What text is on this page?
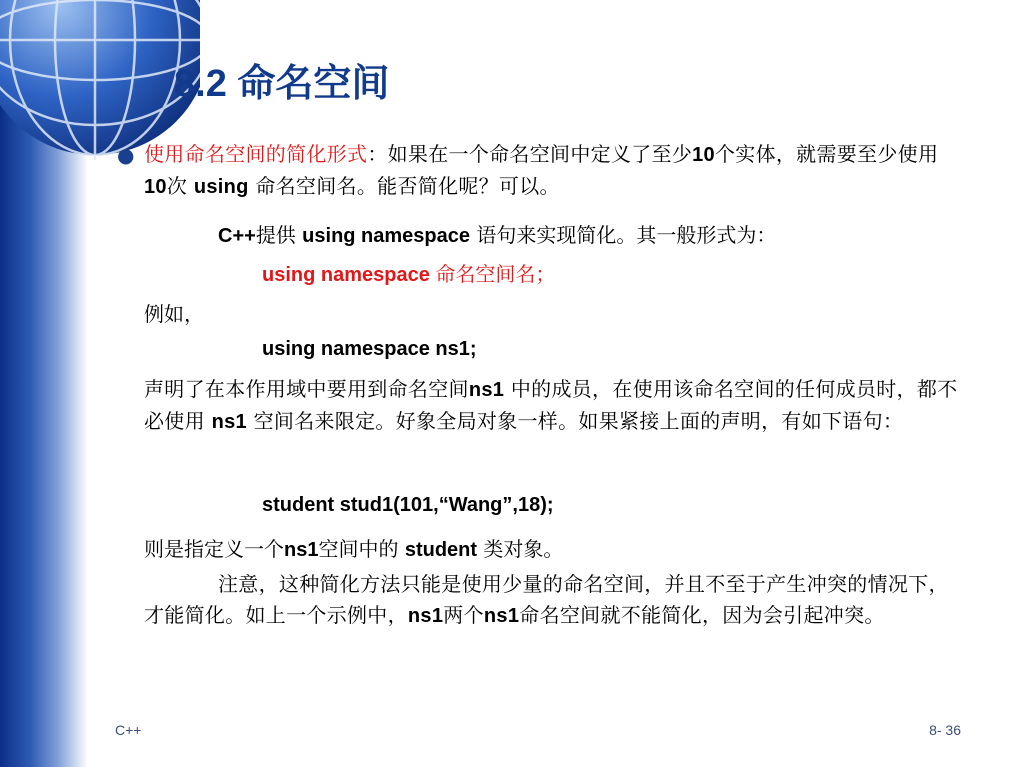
8.2 命名空间
● 使用命名空间的简化形式：如果在一个命名空间中定义了至少10个实体，就需要至少使用10次 using 命名空间名。能否简化呢？可以。
C++提供 using namespace 语句来实现简化。其一般形式为：
using namespace 命名空间名；
例如，
using namespace ns1;
声明了在本作用域中要用到命名空间ns1 中的成员，在使用该命名空间的任何成员时，都不必使用 ns1 空间名来限定。好象全局对象一样。如果紧接上面的声明，有如下语句：
student stud1(101,“Wang”,18);
则是指定义一个ns1空间中的 student 类对象。
注意，这种简化方法只能是使用少量的命名空间，并且不至于产生冲突的情况下，才能简化。如上一个示例中，ns1两个ns1命名空间就不能简化，因为会引起冲突。
C++	8- 36
